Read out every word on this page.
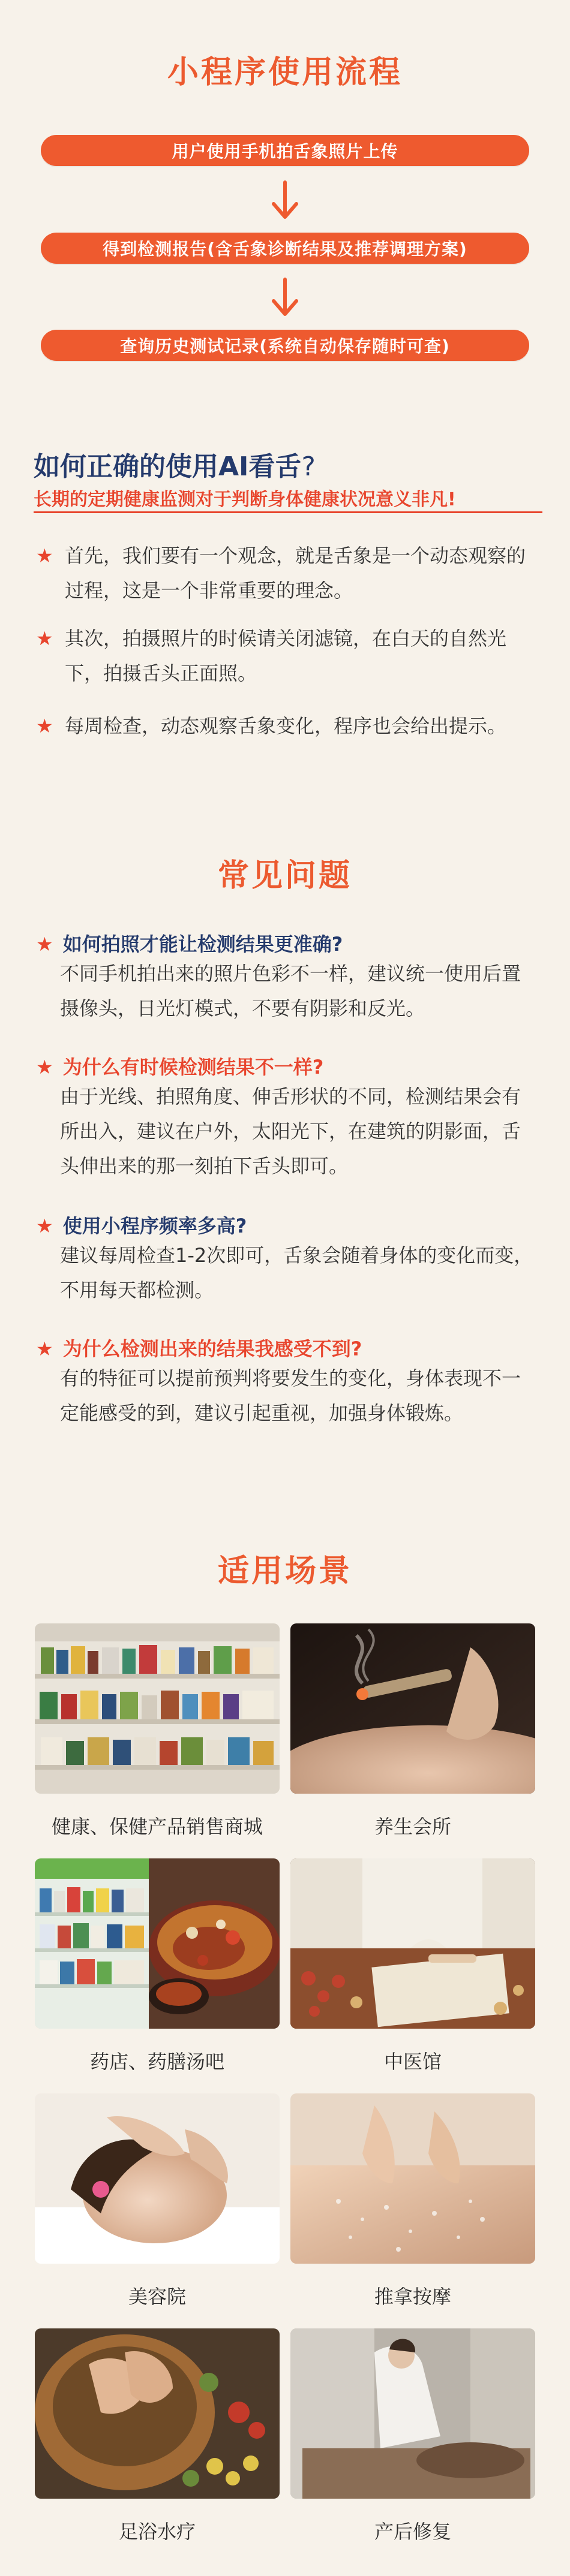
小程序使用流程
用户使用手机拍舌象照片上传
得到检测报告(含舌象诊断结果及推荐调理方案)
查询历史测试记录(系统自动保存随时可查)
如何正确的使用AI看舌?
长期的定期健康监测对于判断身体健康状况意义非凡!
★ 首先，我们要有一个观念，就是舌象是一个动态观察的过程，这是一个非常重要的理念。
★ 其次，拍摄照片的时候请关闭滤镜，在白天的自然光下，拍摄舌头正面照。
★ 每周检查，动态观察舌象变化，程序也会给出提示。
常见问题
★ 如何拍照才能让检测结果更准确?
不同手机拍出来的照片色彩不一样，建议统一使用后置摄像头，日光灯模式，不要有阴影和反光。
★ 为什么有时候检测结果不一样?
由于光线、拍照角度、伸舌形状的不同，检测结果会有所出入，建议在户外，太阳光下，在建筑的阴影面，舌头伸出来的那一刻拍下舌头即可。
★ 使用小程序频率多高?
建议每周检查1-2次即可，舌象会随着身体的变化而变，不用每天都检测。
★ 为什么检测出来的结果我感受不到?
有的特征可以提前预判将要发生的变化，身体表现不一定能感受的到，建议引起重视，加强身体锻炼。
适用场景
健康、保健产品销售商城	养生会所
药店、药膳汤吧	中医馆
美容院	推拿按摩
足浴水疗	产后修复
